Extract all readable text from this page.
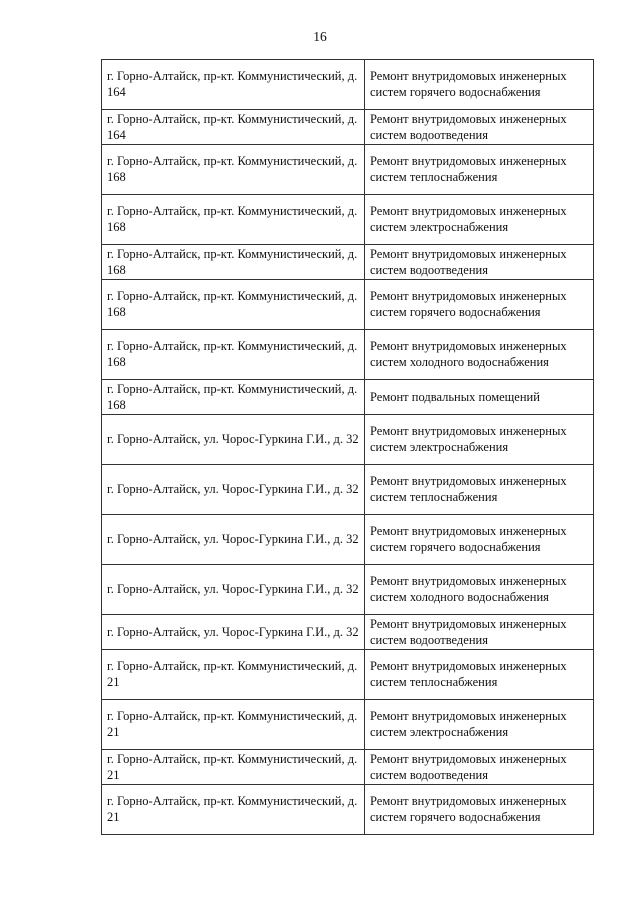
16
г. Горно-Алтайск, пр-кт. Коммунистический, д. 164	Ремонт внутридомовых инженерных систем горячего водоснабжения
г. Горно-Алтайск, пр-кт. Коммунистический, д. 164	Ремонт внутридомовых инженерных систем водоотведения
г. Горно-Алтайск, пр-кт. Коммунистический, д. 168	Ремонт внутридомовых инженерных систем теплоснабжения
г. Горно-Алтайск, пр-кт. Коммунистический, д. 168	Ремонт внутридомовых инженерных систем электроснабжения
г. Горно-Алтайск, пр-кт. Коммунистический, д. 168	Ремонт внутридомовых инженерных систем водоотведения
г. Горно-Алтайск, пр-кт. Коммунистический, д. 168	Ремонт внутридомовых инженерных систем горячего водоснабжения
г. Горно-Алтайск, пр-кт. Коммунистический, д. 168	Ремонт внутридомовых инженерных систем холодного водоснабжения
г. Горно-Алтайск, пр-кт. Коммунистический, д. 168	Ремонт подвальных помещений
г. Горно-Алтайск, ул. Чорос-Гуркина Г.И., д. 32	Ремонт внутридомовых инженерных систем электроснабжения
г. Горно-Алтайск, ул. Чорос-Гуркина Г.И., д. 32	Ремонт внутридомовых инженерных систем теплоснабжения
г. Горно-Алтайск, ул. Чорос-Гуркина Г.И., д. 32	Ремонт внутридомовых инженерных систем горячего водоснабжения
г. Горно-Алтайск, ул. Чорос-Гуркина Г.И., д. 32	Ремонт внутридомовых инженерных систем холодного водоснабжения
г. Горно-Алтайск, ул. Чорос-Гуркина Г.И., д. 32	Ремонт внутридомовых инженерных систем водоотведения
г. Горно-Алтайск, пр-кт. Коммунистический, д. 21	Ремонт внутридомовых инженерных систем теплоснабжения
г. Горно-Алтайск, пр-кт. Коммунистический, д. 21	Ремонт внутридомовых инженерных систем электроснабжения
г. Горно-Алтайск, пр-кт. Коммунистический, д. 21	Ремонт внутридомовых инженерных систем водоотведения
г. Горно-Алтайск, пр-кт. Коммунистический, д. 21	Ремонт внутридомовых инженерных систем горячего водоснабжения
